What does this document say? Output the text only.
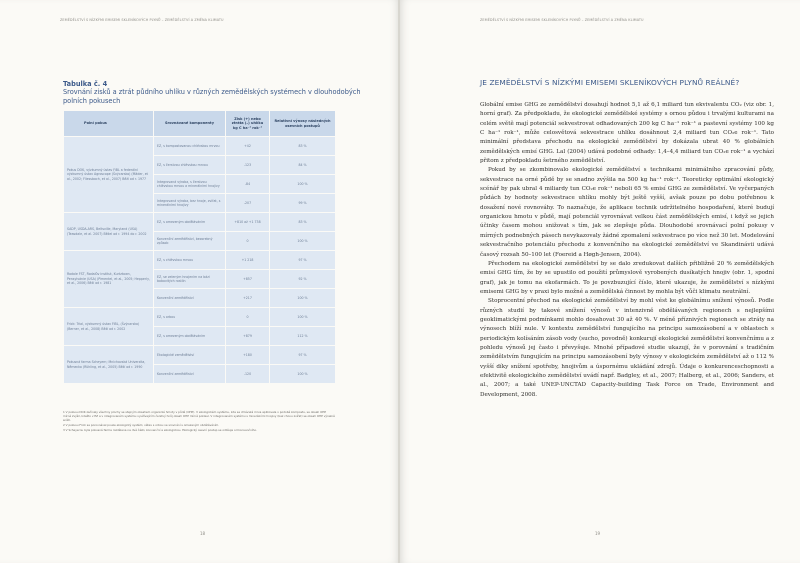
ZEMĚDĚLSTVÍ S NÍZKÝMI EMISEMI SKLENÍKOVÝCH PLYNŮ – ZEMĚDĚLSTVÍ A ZMĚNA KLIMATU
Tabulka č. 4
Srovnání zisků a ztrát půdního uhlíku v různých zemědělských systémech v dlouhodobých polních pokusech
Polní pokus	Srovnávané komponenty	Zisk (+) nebo ztráta (–) uhlíku kg C ha⁻¹ rok⁻¹	Relativní výnosy následných osevních postupů
Pokus DOK, výzkumný ústav FiBL a federální výzkumný ústav Agroscope (Švýcarsko) (Mäder, et al., 2002; Fliessbach, et al., 2007) Běží od r. 1977	EZ, s kompostovanou chlévskou mrvou	+42	83 %
	EZ, s čerstvou chlévskou mrvou	-123	84 %
	Integrovaná výroba, s čerstvou chlévskou mrvou a minerálními hnojivy	-84	100 %
	Integrovaná výroba, bez hnoje, zvířat, s minerálními hnojivy	-207	99 %
SADP, USDA-ARS, Beltsville, Maryland (USA) (Teasdale, et al. 2007) Běžel od r. 1994 do r. 2002	EZ, s omezeným obděláváním	+810 až +1 738	83 %
	Konvenční zemědělství, bezorebný způsob	0	100 %
Rodale FST, Rodalův institut, Kurtztown, Pensylvánie (USA) (Pimentel, et al., 2005; Hepperly, et al., 2006) Běží od r. 1981	EZ, s chlévskou mrvou	+1 218	97 %
	EZ, se zeleným hnojením na bázi bobovitých rostlin	+857	92 %
	Konvenční zemědělství	+217	100 %
Frick: Trial, výzkumný ústav FiBL, (Švýcarsko) (Berner, et al., 2008) Běží od r. 2002	EZ, s orbou	0	100 %
	EZ, s omezeným obděláváním	+879	112 %
Pokusná farma Scheyern; Mnichovská Univerzita, Německo (Rühling, et al., 2005) Běží od r. 1990	Ekologické zemědělství	+180	97 %
	Konvenční zemědělství	-120	100 %

1 V pokusu DOK začínaly všechny plochy se stejným obsahem organické hmoty v půdě (OHP). V ekologickém systému, kde se chlévská mrva aplikovala v podobě kompostu, se obsah OHP mírně zvýšil, kdežto v EZ a v integrovaném systému využívajícím čerstvý hnůj obsah OHP mírně poklesl. V integrovaném systému s minerálními hnojivy (bez chovu zvířat) se obsah OHP výrazně snížil.

2 V pokusu Frick se porovnával pouze ekologický systém; větev s orbou ve srovnání s omezeným obděláváním.

3 V Scheyernu byla pokusná farma rozdělena na dvě části, konvenční a ekologickou. Ekologický osevní postup se odlišuje od konvenčního.

18
ZEMĚDĚLSTVÍ S NÍZKÝMI EMISEMI SKLENÍKOVÝCH PLYNŮ – ZEMĚDĚLSTVÍ A ZMĚNA KLIMATU
JE ZEMĚDĚLSTVÍ S NÍZKÝMI EMISEMI SKLENÍKOVÝCH PLYNŮ REÁLNÉ?

Globální emise GHG ze zemědělství dosahují hodnot 5,1 až 6,1 miliard tun ekvivalentu CO₂ (viz obr. 1, horní graf). Za předpokladu, že ekologické zemědělské systémy s ornou půdou i trvalými kulturami na celém světě mají potenciál sekvestrovat odhadovaných 200 kg C ha⁻¹ rok⁻¹ a pastevní systémy 100 kg C ha⁻¹ rok⁻¹, může celosvětová sekvestrace uhlíku dosáhnout 2,4 miliard tun CO₂e rok⁻¹. Tato minimální představa přechodu na ekologické zemědělství by dokázala ubrat 40 % globálních zemědělských emisí GHG. Lal (2004) udává podobné odhady: 1,4–4,4 miliard tun CO₂e rok⁻¹ a vychází přitom z předpokladu šetrného zemědělství.

Pokud by se zkombinovalo ekologické zemědělství s technikami minimálního zpracování půdy, sekvestrace na orné půdě by se snadno zvýšila na 500 kg ha⁻¹ rok⁻¹. Teoreticky optimální ekologický scénář by pak ubral 4 miliardy tun CO₂e rok⁻¹ neboli 65 % emisí GHG ze zemědělství. Ve vyčerpaných půdách by hodnoty sekvestrace uhlíku mohly být ještě vyšší, avšak pouze po dobu potřebnou k dosažení nové rovnováhy. To naznačuje, že aplikace technik udržitelného hospodaření, které budují organickou hmotu v půdě, mají potenciál vyrovnávat velkou část zemědělských emisí, i když se jejich účinky časem mohou snižovat s tím, jak se zlepšuje půda. Dlouhodobé srovnávací polní pokusy v mírných podnebných pásech nevykazovaly žádné zpomalení sekvestrace po více než 30 let. Modelování sekvestračního potenciálu přechodu z konvenčního na ekologické zemědělství ve Skandinávii udává časový rozsah 50–100 let (Foereid a Høgh-Jensen, 2004).

Přechodem na ekologické zemědělství by se dalo zredukovat dalších přibližně 20 % zemědělských emisí GHG tím, že by se upustilo od použití průmyslově vyrobených dusíkatých hnojiv (obr. 1, spodní graf), jak je tomu na ekofarmách. To je povzbuzující číslo, které ukazuje, že zemědělství s nízkými emisemi GHG by v praxi bylo možné a zemědělská činnost by mohla být vůči klimatu neutrální.

Stoprocentní přechod na ekologické zemědělství by mohl vést ke globálnímu snížení výnosů. Podle různých studií by takové snížení výnosů v intenzivně obdělávaných regionech s nejlepšími geoklimatickými podmínkami mohlo dosahovat 30 až 40 %. V méně příznivých regionech se ztráty na výnosech blíží nule. V kontextu zemědělství fungujícího na principu samozásobení a v oblastech s periodickým kolísáním zásob vody (sucho, povodně) konkurují ekologické zemědělství konvenčnímu a z pohledu výnosů jej často i převyšuje. Mnohé případové studie ukazují, že v porovnání s tradičním zemědělstvím fungujícím na principu samozásobení byly výnosy v ekologickém zemědělství až o 112 % vyšší díky snížení spotřeby, hnojivům a úspornému ukládání zdrojů. Údaje o konkurenceschopnosti a efektivitě ekologického zemědělství uvádí např. Badgley, et al., 2007; Halberg, et al., 2006; Sanders, et al., 2007; a také UNEP-UNCTAD Capacity-building Task Force on Trade, Environment and Development, 2008.

19
